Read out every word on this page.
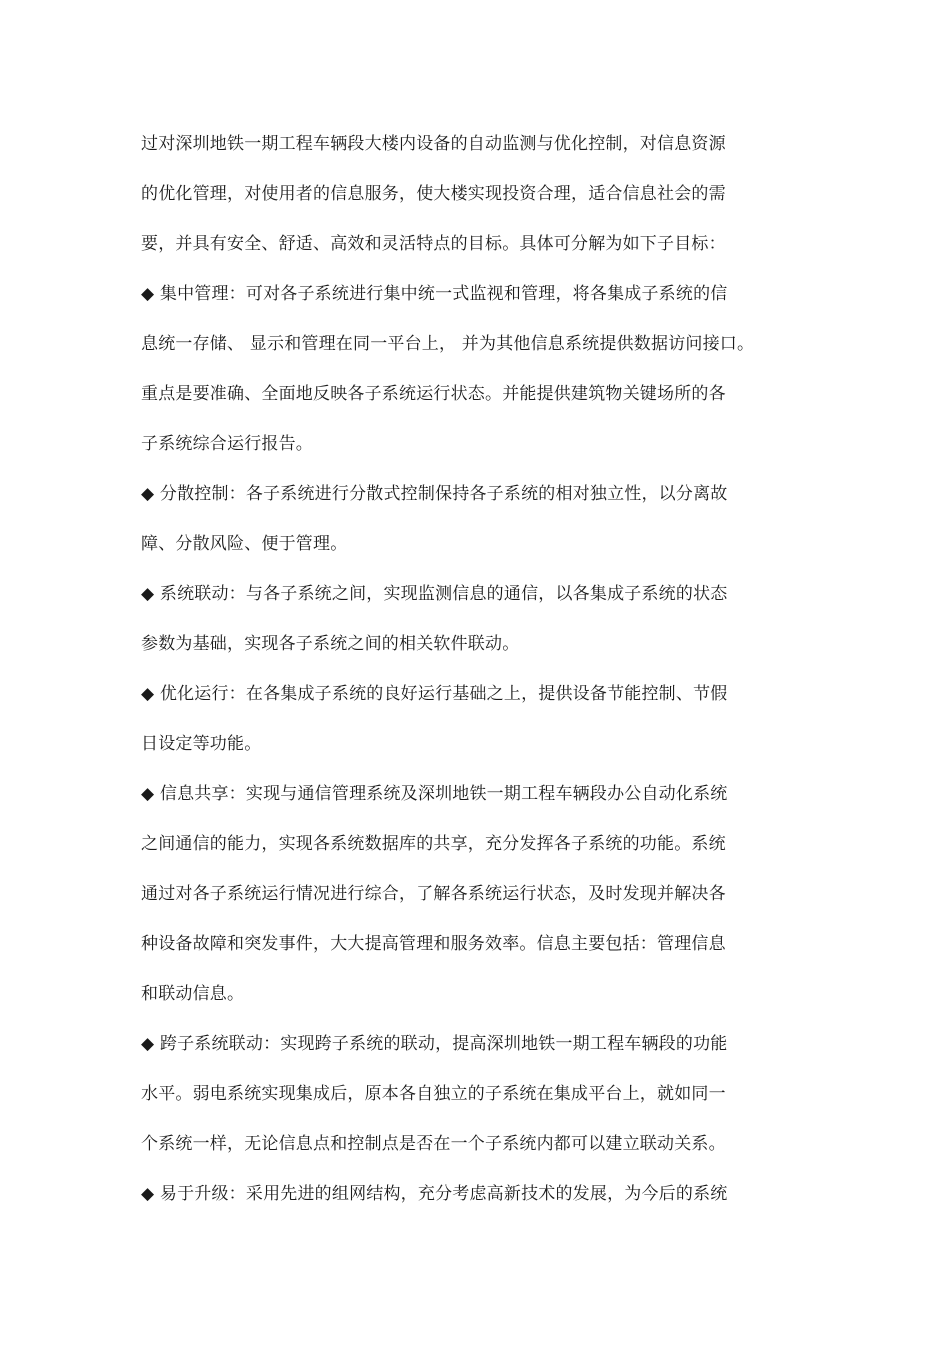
过对深圳地铁一期工程车辆段大楼内设备的自动监测与优化控制，对信息资源
的优化管理，对使用者的信息服务，使大楼实现投资合理，适合信息社会的需
要，并具有安全、舒适、高效和灵活特点的目标。具体可分解为如下子目标：
◆ 集中管理：可对各子系统进行集中统一式监视和管理，将各集成子系统的信
息统一存储、 显示和管理在同一平台上， 并为其他信息系统提供数据访问接口。
重点是要准确、全面地反映各子系统运行状态。并能提供建筑物关键场所的各
子系统综合运行报告。
◆ 分散控制：各子系统进行分散式控制保持各子系统的相对独立性，以分离故
障、分散风险、便于管理。
◆ 系统联动：与各子系统之间，实现监测信息的通信，以各集成子系统的状态
参数为基础，实现各子系统之间的相关软件联动。
◆ 优化运行：在各集成子系统的良好运行基础之上，提供设备节能控制、节假
日设定等功能。
◆ 信息共享：实现与通信管理系统及深圳地铁一期工程车辆段办公自动化系统
之间通信的能力，实现各系统数据库的共享，充分发挥各子系统的功能。系统
通过对各子系统运行情况进行综合，了解各系统运行状态，及时发现并解决各
种设备故障和突发事件，大大提高管理和服务效率。信息主要包括：管理信息
和联动信息。
◆ 跨子系统联动：实现跨子系统的联动，提高深圳地铁一期工程车辆段的功能
水平。弱电系统实现集成后，原本各自独立的子系统在集成平台上，就如同一
个系统一样，无论信息点和控制点是否在一个子系统内都可以建立联动关系。
◆ 易于升级：采用先进的组网结构，充分考虑高新技术的发展，为今后的系统
